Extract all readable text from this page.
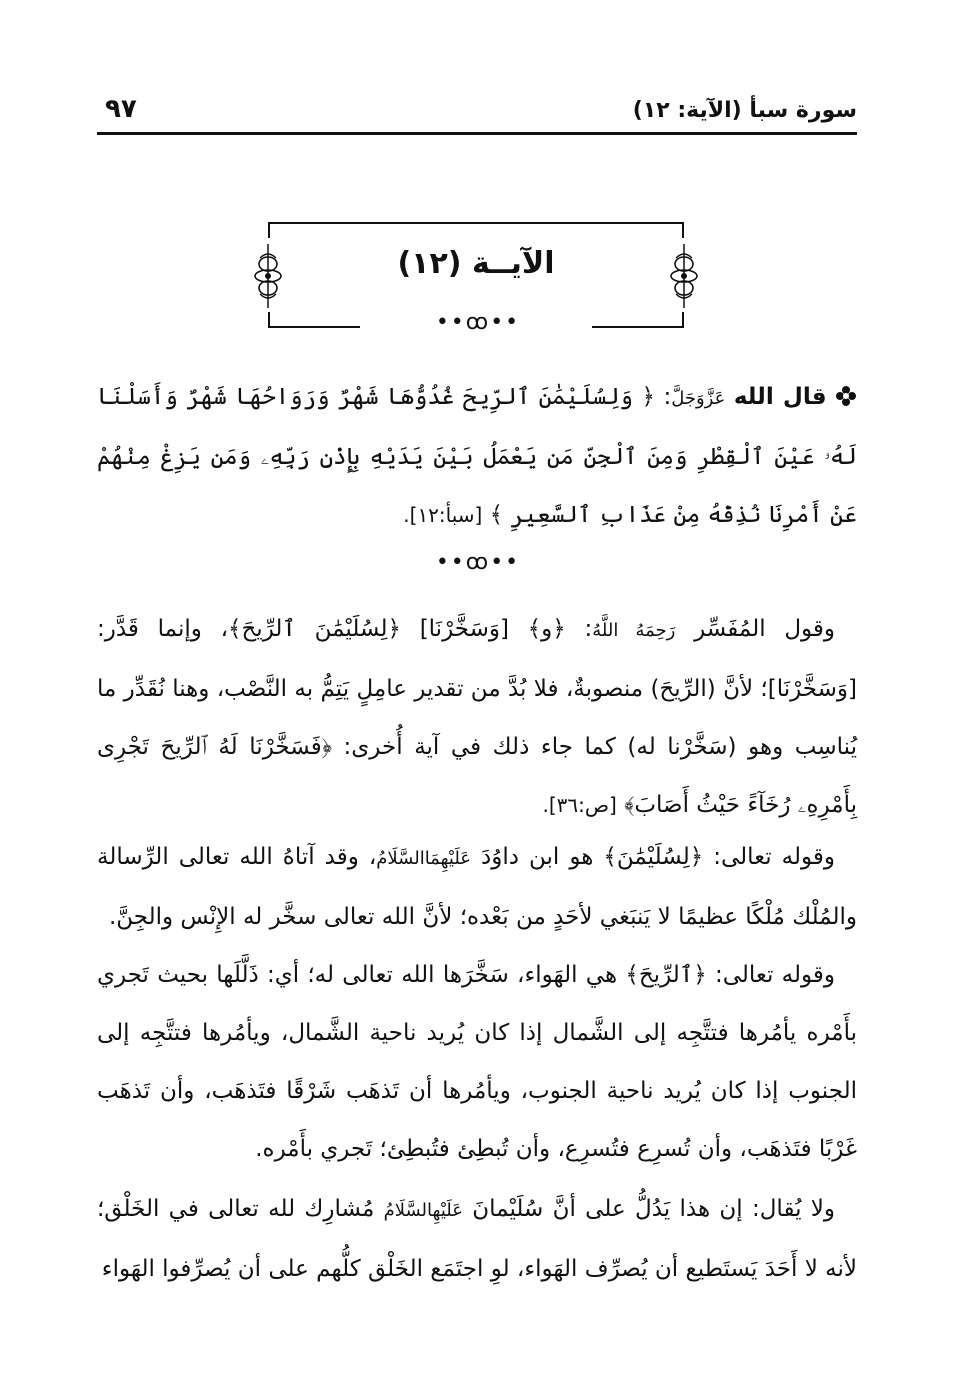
سورة سبأ (الآية: ١٢)
٩٧
الآيــة (١٢)
••ꝏ••
قال الله عَزَّوَجَلَّ: ﴿ وَلِسُلَيْمَٰنَ ٱلرِّيحَ غُدُوُّهَا شَهْرٌ وَرَوَاحُهَا شَهْرٌ وَأَسَلْنَا لَهُۥ عَيْنَ ٱلْقِطْرِ وَمِنَ ٱلْجِنِّ مَن يَعْمَلُ بَيْنَ يَدَيْهِ بِإِذْنِ رَبِّهِۦ وَمَن يَزِغْ مِنْهُمْ عَنْ أَمْرِنَا نُذِقْهُ مِنْ عَذَابِ ٱلسَّعِيرِ ﴾ [سبأ:١٢].
••ꝏ••
وقول المُفَسِّر رَحِمَهُ اللَّهُ: ﴿و﴾ [وَسَخَّرْنَا] ﴿لِسُلَيْمَٰنَ ٱلرِّيحَ﴾، وإنما قَدَّر: [وَسَخَّرْنَا]؛ لأنَّ (الرِّيحَ) منصوبةٌ، فلا بُدَّ من تقدير عامِلٍ يَتِمُّ به النَّصْب، وهنا نُقَدِّر ما يُناسِب وهو (سَخَّرْنا له) كما جاء ذلك في آية أُخرى: ﴿فَسَخَّرْنَا لَهُ ٱلرِّيحَ تَجْرِى بِأَمْرِهِۦ رُخَآءً حَيْثُ أَصَابَ﴾ [ص:٣٦].
وقوله تعالى: ﴿لِسُلَيْمَٰنَ﴾ هو ابن داوُدَ عَلَيْهِمَاالسَّلَامُ، وقد آتاهُ الله تعالى الرِّسالة والمُلْك مُلْكًا عظيمًا لا يَنبَغي لأحَدٍ من بَعْده؛ لأنَّ الله تعالى سخَّر له الإِنْس والجِنَّ.
وقوله تعالى: ﴿ٱلرِّيحَ﴾ هي الهَواء، سَخَّرَها الله تعالى له؛ أي: ذَلَّلَها بحيث تَجري بأَمْره يأمُرها فتتَّجِه إلى الشَّمال إذا كان يُريد ناحية الشَّمال، ويأمُرها فتتَّجِه إلى الجنوب إذا كان يُريد ناحية الجنوب، ويأمُرها أن تَذهَب شَرْقًا فتَذهَب، وأن تَذهَب غَرْبًا فتَذهَب، وأن تُسرِع فتُسرِع، وأن تُبطِئ فتُبطِئ؛ تَجري بأَمْره.
ولا يُقال: إن هذا يَدُلُّ على أنَّ سُلَيْمانَ عَلَيْهِالسَّلَامُ مُشارِك لله تعالى في الخَلْق؛ لأنه لا أَحَدَ يَستَطيع أن يُصرِّف الهَواء، لوِ اجتَمَع الخَلْق كلُّهم على أن يُصرِّفوا الهَواء
